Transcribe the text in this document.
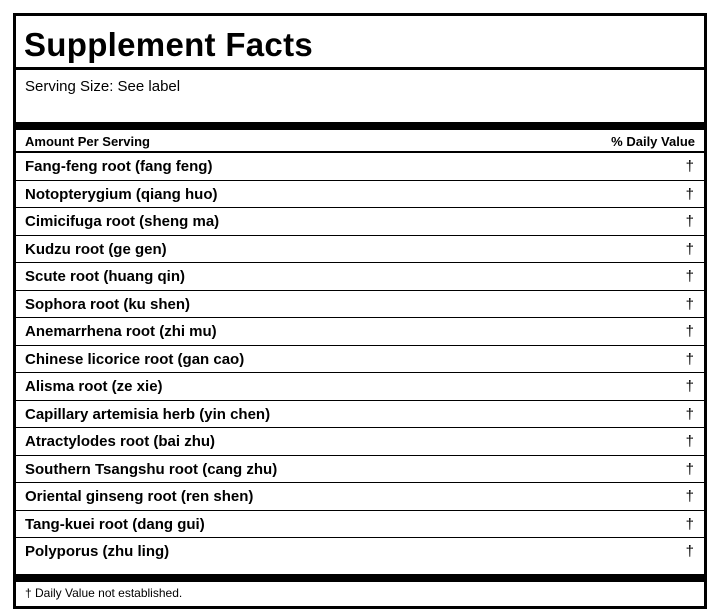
Supplement Facts
Serving Size: See label
Amount Per Serving	% Daily Value
Fang-feng root (fang feng)	†
Notopterygium (qiang huo)	†
Cimicifuga root (sheng ma)	†
Kudzu root (ge gen)	†
Scute root (huang qin)	†
Sophora root (ku shen)	†
Anemarrhena root (zhi mu)	†
Chinese licorice root (gan cao)	†
Alisma root (ze xie)	†
Capillary artemisia herb (yin chen)	†
Atractylodes root (bai zhu)	†
Southern Tsangshu root (cang zhu)	†
Oriental ginseng root (ren shen)	†
Tang-kuei root (dang gui)	†
Polyporus (zhu ling)	†
† Daily Value not established.
